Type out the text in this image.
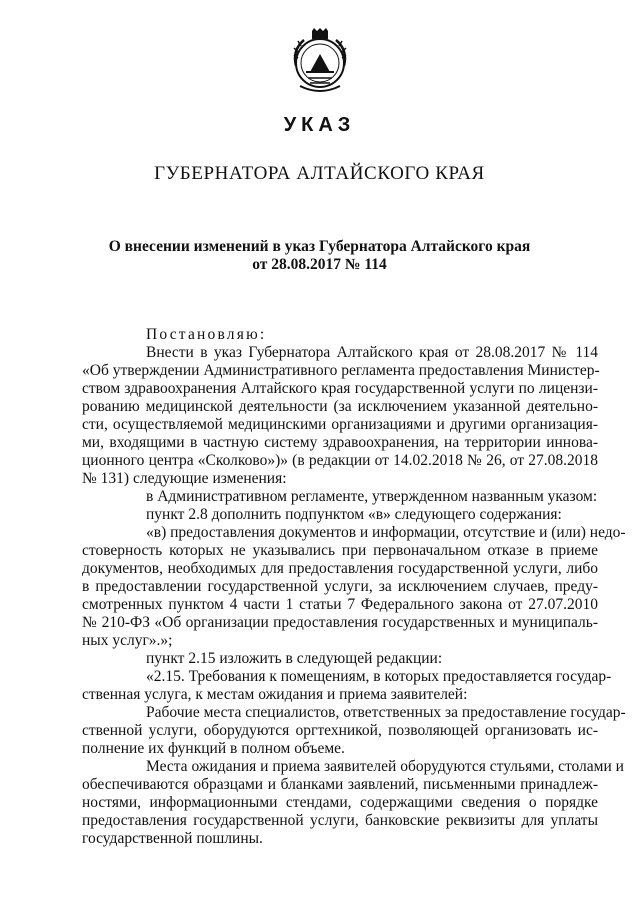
УКАЗ
ГУБЕРНАТОРА АЛТАЙСКОГО КРАЯ
О внесении изменений в указ Губернатора Алтайского края
от 28.08.2017 № 114

Постановляю:

Внести в указ Губернатора Алтайского края от 28.08.2017 № 114

«Об утверждении Административного регламента предоставления Министер-

ством здравоохранения Алтайского края государственной услуги по лицензи-

рованию медицинской деятельности (за исключением указанной деятельно-

сти, осуществляемой медицинскими организациями и другими организация-

ми, входящими в частную систему здравоохранения, на территории иннова-

ционного центра «Сколково»)» (в редакции от 14.02.2018 № 26, от 27.08.2018

№ 131) следующие изменения:

в Административном регламенте, утвержденном названным указом:

пункт 2.8 дополнить подпунктом «в» следующего содержания:

«в) предоставления документов и информации, отсутствие и (или) недо-

стоверность которых не указывались при первоначальном отказе в приеме

документов, необходимых для предоставления государственной услуги, либо

в предоставлении государственной услуги, за исключением случаев, преду-

смотренных пунктом 4 части 1 статьи 7 Федерального закона от 27.07.2010

№ 210-ФЗ «Об организации предоставления государственных и муниципаль-

ных услуг».»;

пункт 2.15 изложить в следующей редакции:

«2.15. Требования к помещениям, в которых предоставляется государ-

ственная услуга, к местам ожидания и приема заявителей:

Рабочие места специалистов, ответственных за предоставление государ-

ственной услуги, оборудуются оргтехникой, позволяющей организовать ис-

полнение их функций в полном объеме.

Места ожидания и приема заявителей оборудуются стульями, столами и

обеспечиваются образцами и бланками заявлений, письменными принадлеж-

ностями, информационными стендами, содержащими сведения о порядке

предоставления государственной услуги, банковские реквизиты для уплаты

государственной пошлины.
